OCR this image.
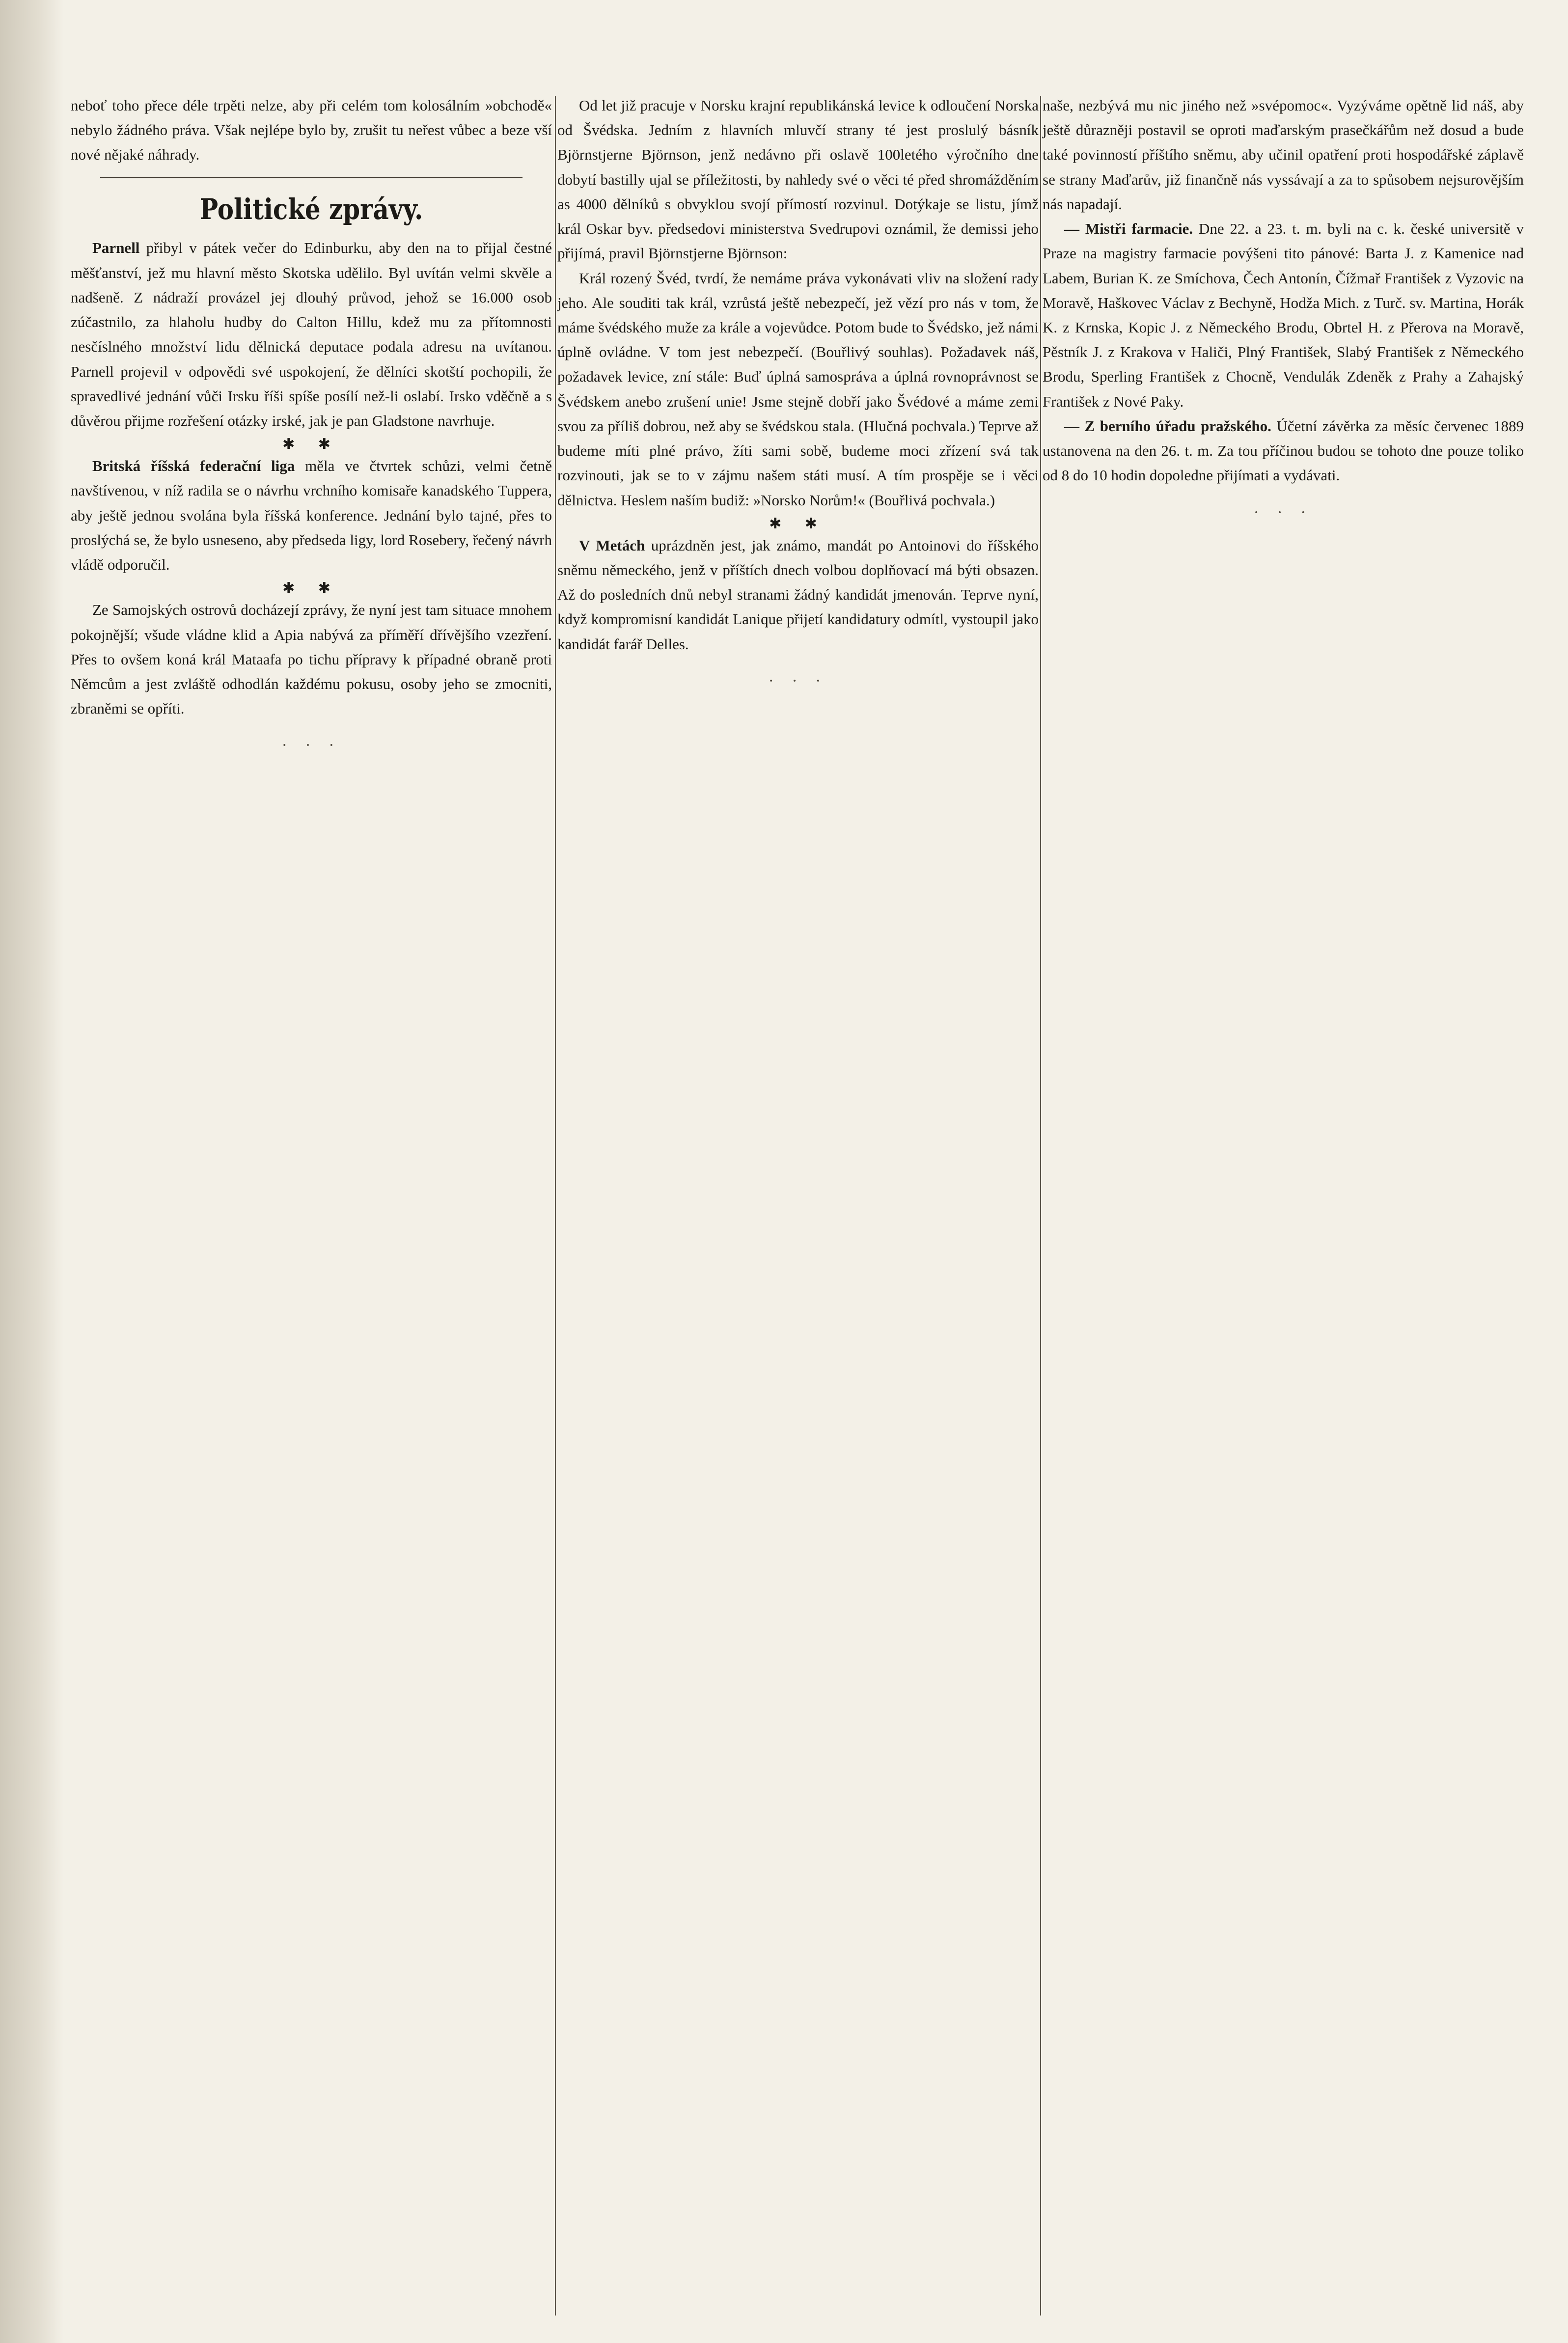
neboť toho přece déle trpěti nelze, aby při celém tom kolosálním »obchodě« nebylo žádného práva. Však nejlépe bylo by, zrušit tu neřest vůbec a beze vší nové nějaké náhrady.

Politické zprávy.

Parnell přibyl v pátek večer do Edinburku, aby den na to přijal čestné měšťanství, jež mu hlavní město Skotska udělilo. Byl uvítán velmi skvěle a nadšeně. Z nádraží provázel jej dlouhý průvod, jehož se 16.000 osob zúčastnilo, za hlaholu hudby do Calton Hillu, kdež mu za přítomnosti nesčíslného množství lidu dělnická deputace podala adresu na uvítanou. Parnell projevil v odpovědi své uspokojení, že dělníci skotští pochopili, že spravedlivé jednání vůči Irsku říši spíše posílí než-li oslabí. Irsko vděčně a s důvěrou přijme rozřešení otázky irské, jak je pan Gladstone navrhuje.

✱ ✱

Britská říšská federační liga měla ve čtvrtek schůzi, velmi četně navštívenou, v níž radila se o návrhu vrchního komisaře kanadského Tuppera, aby ještě jednou svolána byla říšská konference. Jednání bylo tajné, přes to proslýchá se, že bylo usneseno, aby předseda ligy, lord Rosebery, řečený návrh vládě odporučil.

✱ ✱

Ze Samojských ostrovů docházejí zprávy, že nyní jest tam situace mnohem pokojnější; všude vládne klid a Apia nabývá za příměří dřívějšího vzezření. Přes to ovšem koná král Mataafa po tichu přípravy k případné obraně proti Němcům a jest zvláště odhodlán každému pokusu, osoby jeho se zmocniti, zbraněmi se opříti.

· · ·

Od let již pracuje v Norsku krajní republikánská levice k odloučení Norska od Švédska. Jedním z hlavních mluvčí strany té jest proslulý básník Björnstjerne Björnson, jenž nedávno při oslavě 100letého výročního dne dobytí bastilly ujal se příležitosti, by nahledy své o věci té před shromážděním as 4000 dělníků s obvyklou svojí přímostí rozvinul. Dotýkaje se listu, jímž král Oskar byv. předsedovi ministerstva Svedrupovi oznámil, že demissi jeho přijímá, pravil Björnstjerne Björnson:

Král rozený Švéd, tvrdí, že nemáme práva vykonávati vliv na složení rady jeho. Ale souditi tak král, vzrůstá ještě nebezpečí, jež vězí pro nás v tom, že máme švédského muže za krále a vojevůdce. Potom bude to Švédsko, jež námi úplně ovládne. V tom jest nebezpečí. (Bouřlivý souhlas). Požadavek náš, požadavek levice, zní stále: Buď úplná samospráva a úplná rovnoprávnost se Švédskem anebo zrušení unie! Jsme stejně dobří jako Švédové a máme zemi svou za příliš dobrou, než aby se švédskou stala. (Hlučná pochvala.) Teprve až budeme míti plné právo, žíti sami sobě, budeme moci zřízení svá tak rozvinouti, jak se to v zájmu našem státi musí. A tím prospěje se i věci dělnictva. Heslem naším budiž: »Norsko Norům!« (Bouřlivá pochvala.)

✱ ✱

V Metách uprázdněn jest, jak známo, mandát po Antoinovi do říšského sněmu německého, jenž v příštích dnech volbou doplňovací má býti obsazen. Až do posledních dnů nebyl stranami žádný kandidát jmenován. Teprve nyní, když kompromisní kandidát Lanique přijetí kandidatury odmítl, vystoupil jako kandidát farář Delles.

· · ·

naše, nezbývá mu nic jiného než »svépomoc«. Vyzýváme opětně lid náš, aby ještě důrazněji postavil se oproti maďarským prasečkářům než dosud a bude také povinností příštího sněmu, aby učinil opatření proti hospodářské záplavě se strany Maďarův, již finančně nás vyssávají a za to spůsobem nejsurovějším nás napadají.

— Mistři farmacie. Dne 22. a 23. t. m. byli na c. k. české universitě v Praze na magistry farmacie povýšeni tito pánové: Barta J. z Kamenice nad Labem, Burian K. ze Smíchova, Čech Antonín, Čížmař František z Vyzovic na Moravě, Haškovec Václav z Bechyně, Hodža Mich. z Turč. sv. Martina, Horák K. z Krnska, Kopic J. z Německého Brodu, Obrtel H. z Přerova na Moravě, Pěstník J. z Krakova v Haliči, Plný František, Slabý František z Německého Brodu, Sperling František z Chocně, Vendulák Zdeněk z Prahy a Zahajský František z Nové Paky.

— Z berního úřadu pražského. Účetní závěrka za měsíc červenec 1889 ustanovena na den 26. t. m. Za tou příčinou budou se tohoto dne pouze toliko od 8 do 10 hodin dopoledne přijímati a vydávati.

· · ·
